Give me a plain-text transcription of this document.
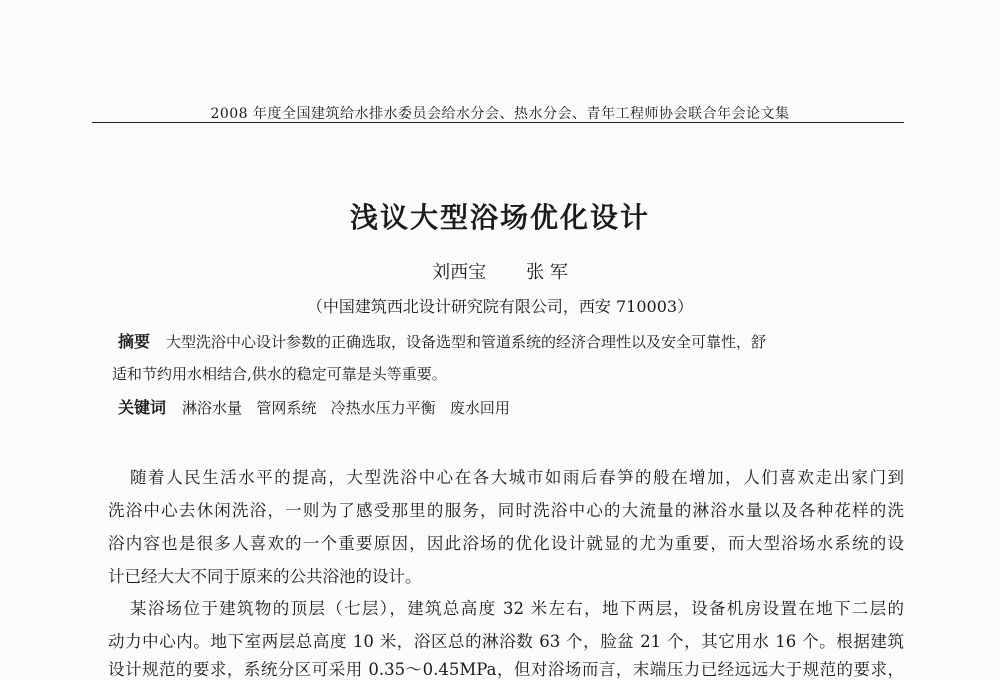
2008 年度全国建筑给水排水委员会给水分会、热水分会、青年工程师协会联合年会论文集
浅议大型浴场优化设计
刘西宝 张 军
（中国建筑西北设计研究院有限公司，西安 710003）
摘要 大型洗浴中心设计参数的正确选取，设备选型和管道系统的经济合理性以及安全可靠性，舒
适和节约用水相结合,供水的稳定可靠是头等重要。
关键词 淋浴水量   管网系统   冷热水压力平衡   废水回用
随着人民生活水平的提高，大型洗浴中心在各大城市如雨后春笋的般在增加，人们喜欢走出家门到
洗浴中心去休闲洗浴，一则为了感受那里的服务，同时洗浴中心的大流量的淋浴水量以及各种花样的洗
浴内容也是很多人喜欢的一个重要原因，因此浴场的优化设计就显的尤为重要，而大型浴场水系统的设
计已经大大不同于原来的公共浴池的设计。
某浴场位于建筑物的顶层（七层），建筑总高度 32 米左右，地下两层，设备机房设置在地下二层的
动力中心内。地下室两层总高度 10 米，浴区总的淋浴数 63 个，脸盆 21 个，其它用水 16 个。根据建筑
设计规范的要求，系统分区可采用 0.35～0.45MPa，但对浴场而言，末端压力已经远远大于规范的要求，
